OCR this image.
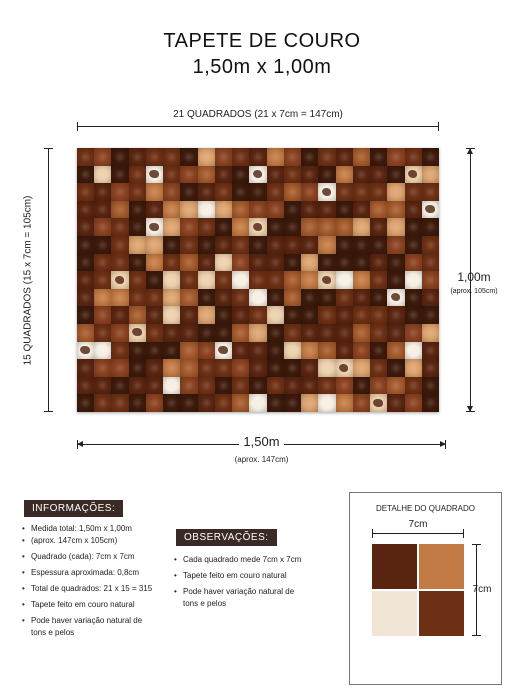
TAPETE DE COURO
1,50m x 1,00m
21 QUADRADOS (21 x 7cm = 147cm)
15 QUADRADOS (15 x 7cm = 105cm)	1,00m
(aprox. 105cm)
1,50m
(aprox. 147cm)
INFORMAÇÕES:
• Medida total: 1,50m x 1,00m
• (aprox. 147cm x 105cm)
• Quadrado (cada): 7cm x 7cm
• Espessura aproximada: 0,8cm
• Total de quadrados: 21 x 15 = 315
• Tapete feito em couro natural
• Pode haver variação natural de
tons e pelos
OBSERVAÇÕES:
• Cada quadrado mede 7cm x 7cm
• Tapete feito em couro natural
• Pode haver variação natural de
tons e pelos
DETALHE DO QUADRADO
7cm
7cm
